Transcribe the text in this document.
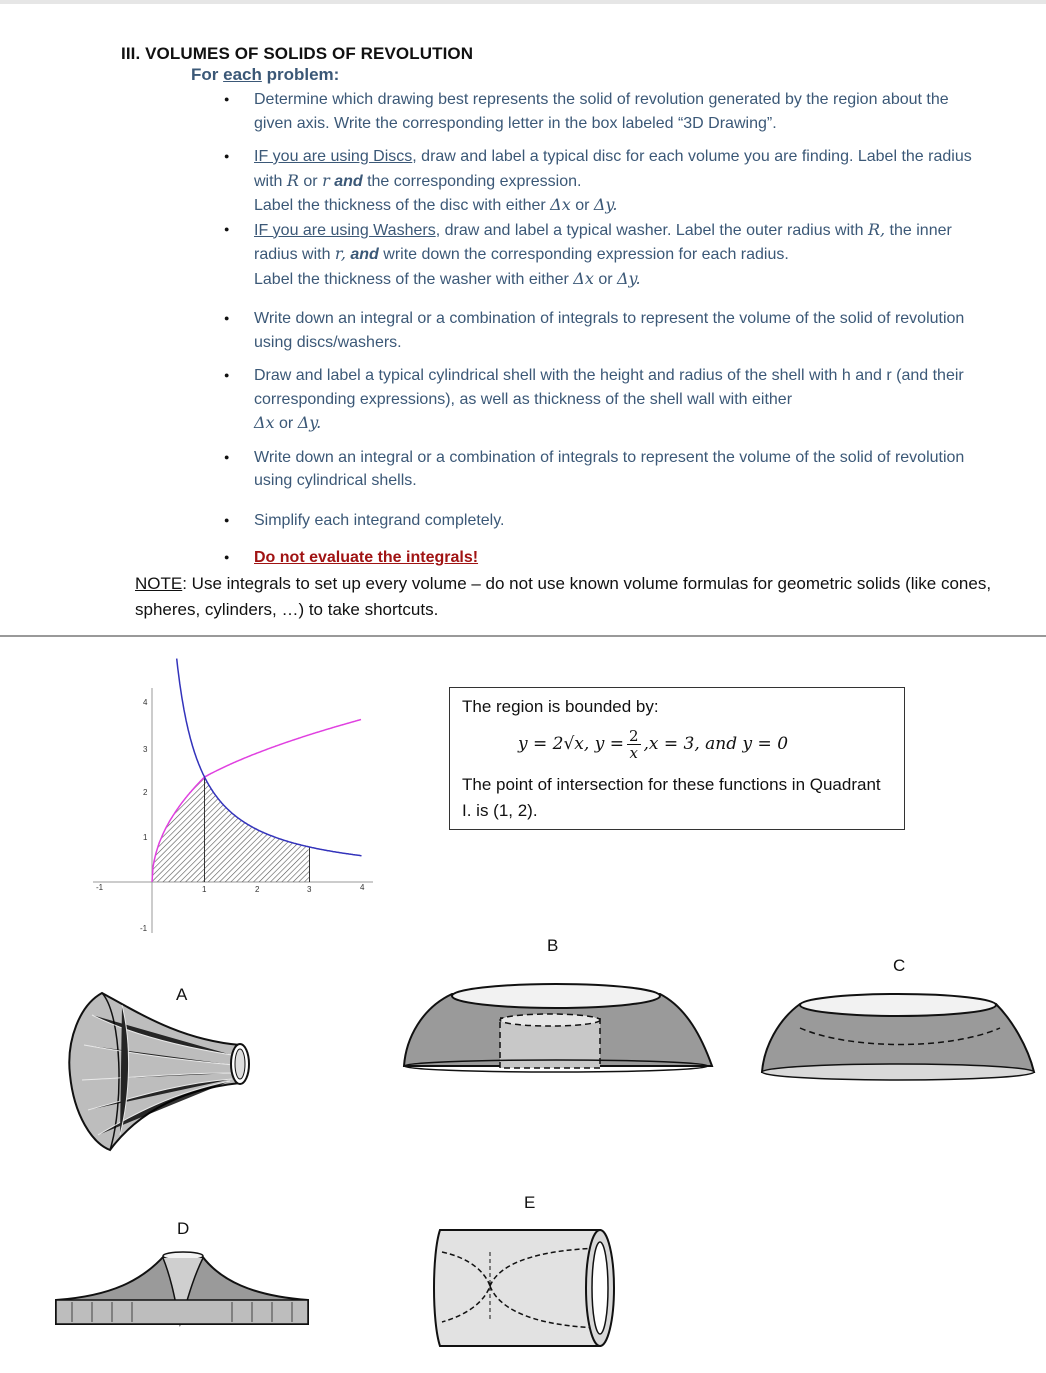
III. VOLUMES OF SOLIDS OF REVOLUTION
For each problem:
● Determine which drawing best represents the solid of revolution generated by the region about the given axis. Write the corresponding letter in the box labeled “3D Drawing”.
● IF you are using Discs, draw and label a typical disc for each volume you are finding. Label the radius with R or r and the corresponding expression.
Label the thickness of the disc with either Δx or Δy.
● IF you are using Washers, draw and label a typical washer. Label the outer radius with R, the inner radius with r, and write down the corresponding expression for each radius.
Label the thickness of the washer with either Δx or Δy.
● Write down an integral or a combination of integrals to represent the volume of the solid of revolution using discs/washers.
● Draw and label a typical cylindrical shell with the height and radius of the shell with h and r (and their corresponding expressions), as well as thickness of the shell wall with either
Δx or Δy.
● Write down an integral or a combination of integrals to represent the volume of the solid of revolution using cylindrical shells.
● Simplify each integrand completely.
● Do not evaluate the integrals!
NOTE: Use integrals to set up every volume – do not use known volume formulas for geometric solids (like cones, spheres, cylinders, …) to take shortcuts.
-1	1	2	3	4
4
3
2
1
-1
The region is bounded by:
y = 2√x, $y = \frac{2}{x} ,x = 3$, and y = 0
The point of intersection for these functions in Quadrant I. is (1, 2).
A
B
C
D
E
